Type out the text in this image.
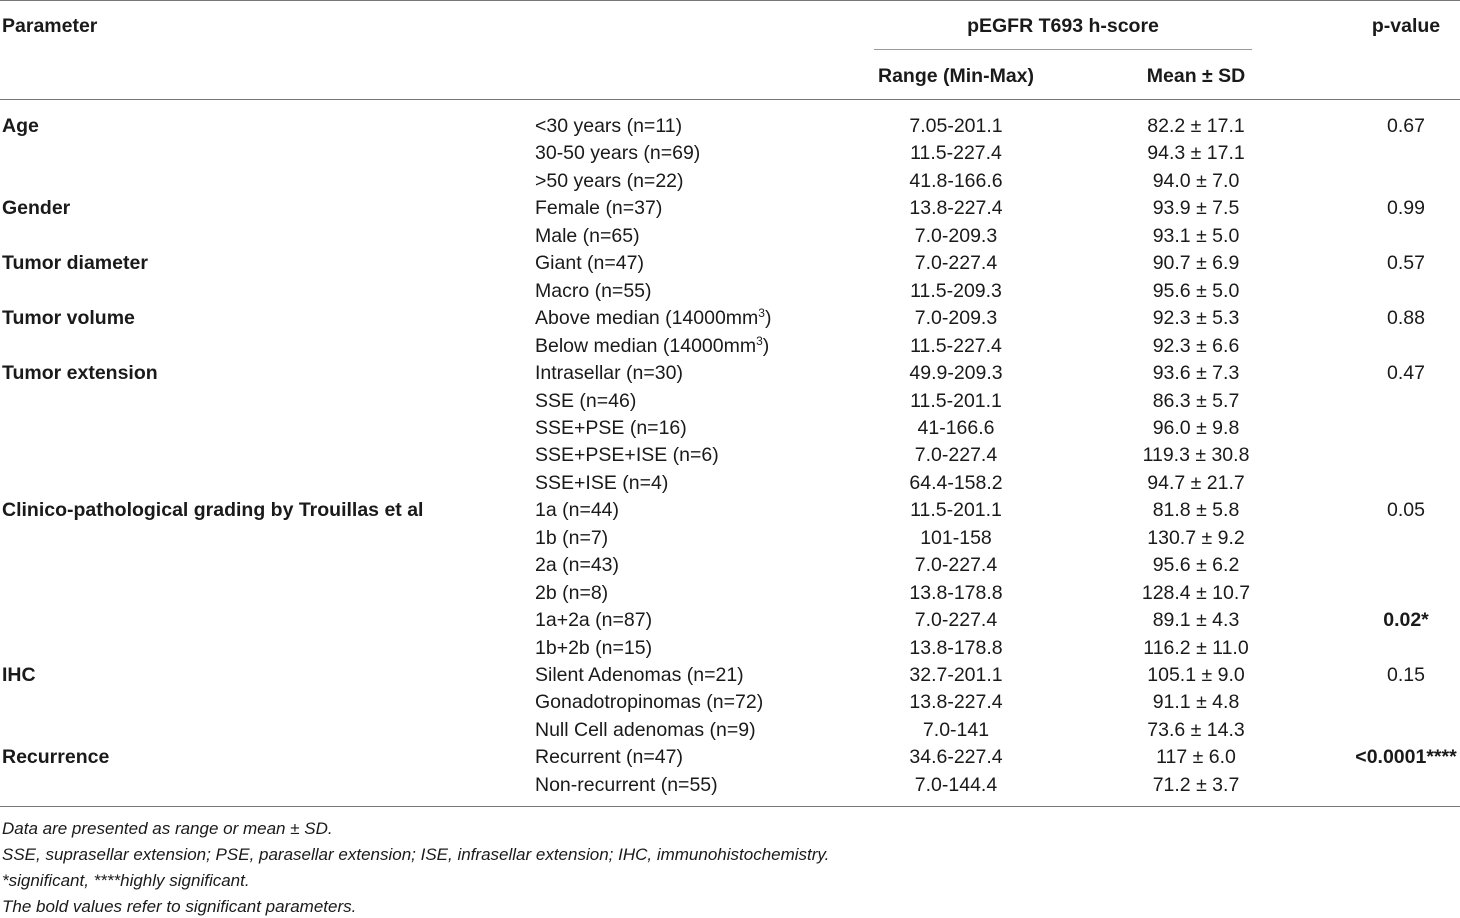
Parameter	pEGFR T693 h-score	p-value
Range (Min-Max)	Mean ± SD
Age	<30 years (n=11)	7.05-201.1	82.2 ± 17.1	0.67
30-50 years (n=69)	11.5-227.4	94.3 ± 17.1
>50 years (n=22)	41.8-166.6	94.0 ± 7.0
Gender	Female (n=37)	13.8-227.4	93.9 ± 7.5	0.99
Male (n=65)	7.0-209.3	93.1 ± 5.0
Tumor diameter	Giant (n=47)	7.0-227.4	90.7 ± 6.9	0.57
Macro (n=55)	11.5-209.3	95.6 ± 5.0
Tumor volume	Above median $(14000mm^3)$	7.0-209.3	92.3 ± 5.3	0.88
Below median $(14000mm^3)$	11.5-227.4	92.3 ± 6.6
Tumor extension	Intrasellar (n=30)	49.9-209.3	93.6 ± 7.3	0.47
SSE (n=46)	11.5-201.1	86.3 ± 5.7
SSE+PSE (n=16)	41-166.6	96.0 ± 9.8
SSE+PSE+ISE (n=6)	7.0-227.4	119.3 ± 30.8
SSE+ISE (n=4)	64.4-158.2	94.7 ± 21.7
Clinico-pathological grading by Trouillas et al	1a (n=44)	11.5-201.1	81.8 ± 5.8	0.05
1b (n=7)	101-158	130.7 ± 9.2
2a (n=43)	7.0-227.4	95.6 ± 6.2
2b (n=8)	13.8-178.8	128.4 ± 10.7
1a+2a (n=87)	7.0-227.4	89.1 ± 4.3	0.02*
1b+2b (n=15)	13.8-178.8	116.2 ± 11.0
IHC	Silent Adenomas (n=21)	32.7-201.1	105.1 ± 9.0	0.15
Gonadotropinomas (n=72)	13.8-227.4	91.1 ± 4.8
Null Cell adenomas (n=9)	7.0-141	73.6 ± 14.3
Recurrence	Recurrent (n=47)	34.6-227.4	117 ± 6.0	<0.0001****
Non-recurrent (n=55)	7.0-144.4	71.2 ± 3.7
Data are presented as range or mean ± SD.
SSE, suprasellar extension; PSE, parasellar extension; ISE, infrasellar extension; IHC, immunohistochemistry.
*significant, ****highly significant.
The bold values refer to significant parameters.
